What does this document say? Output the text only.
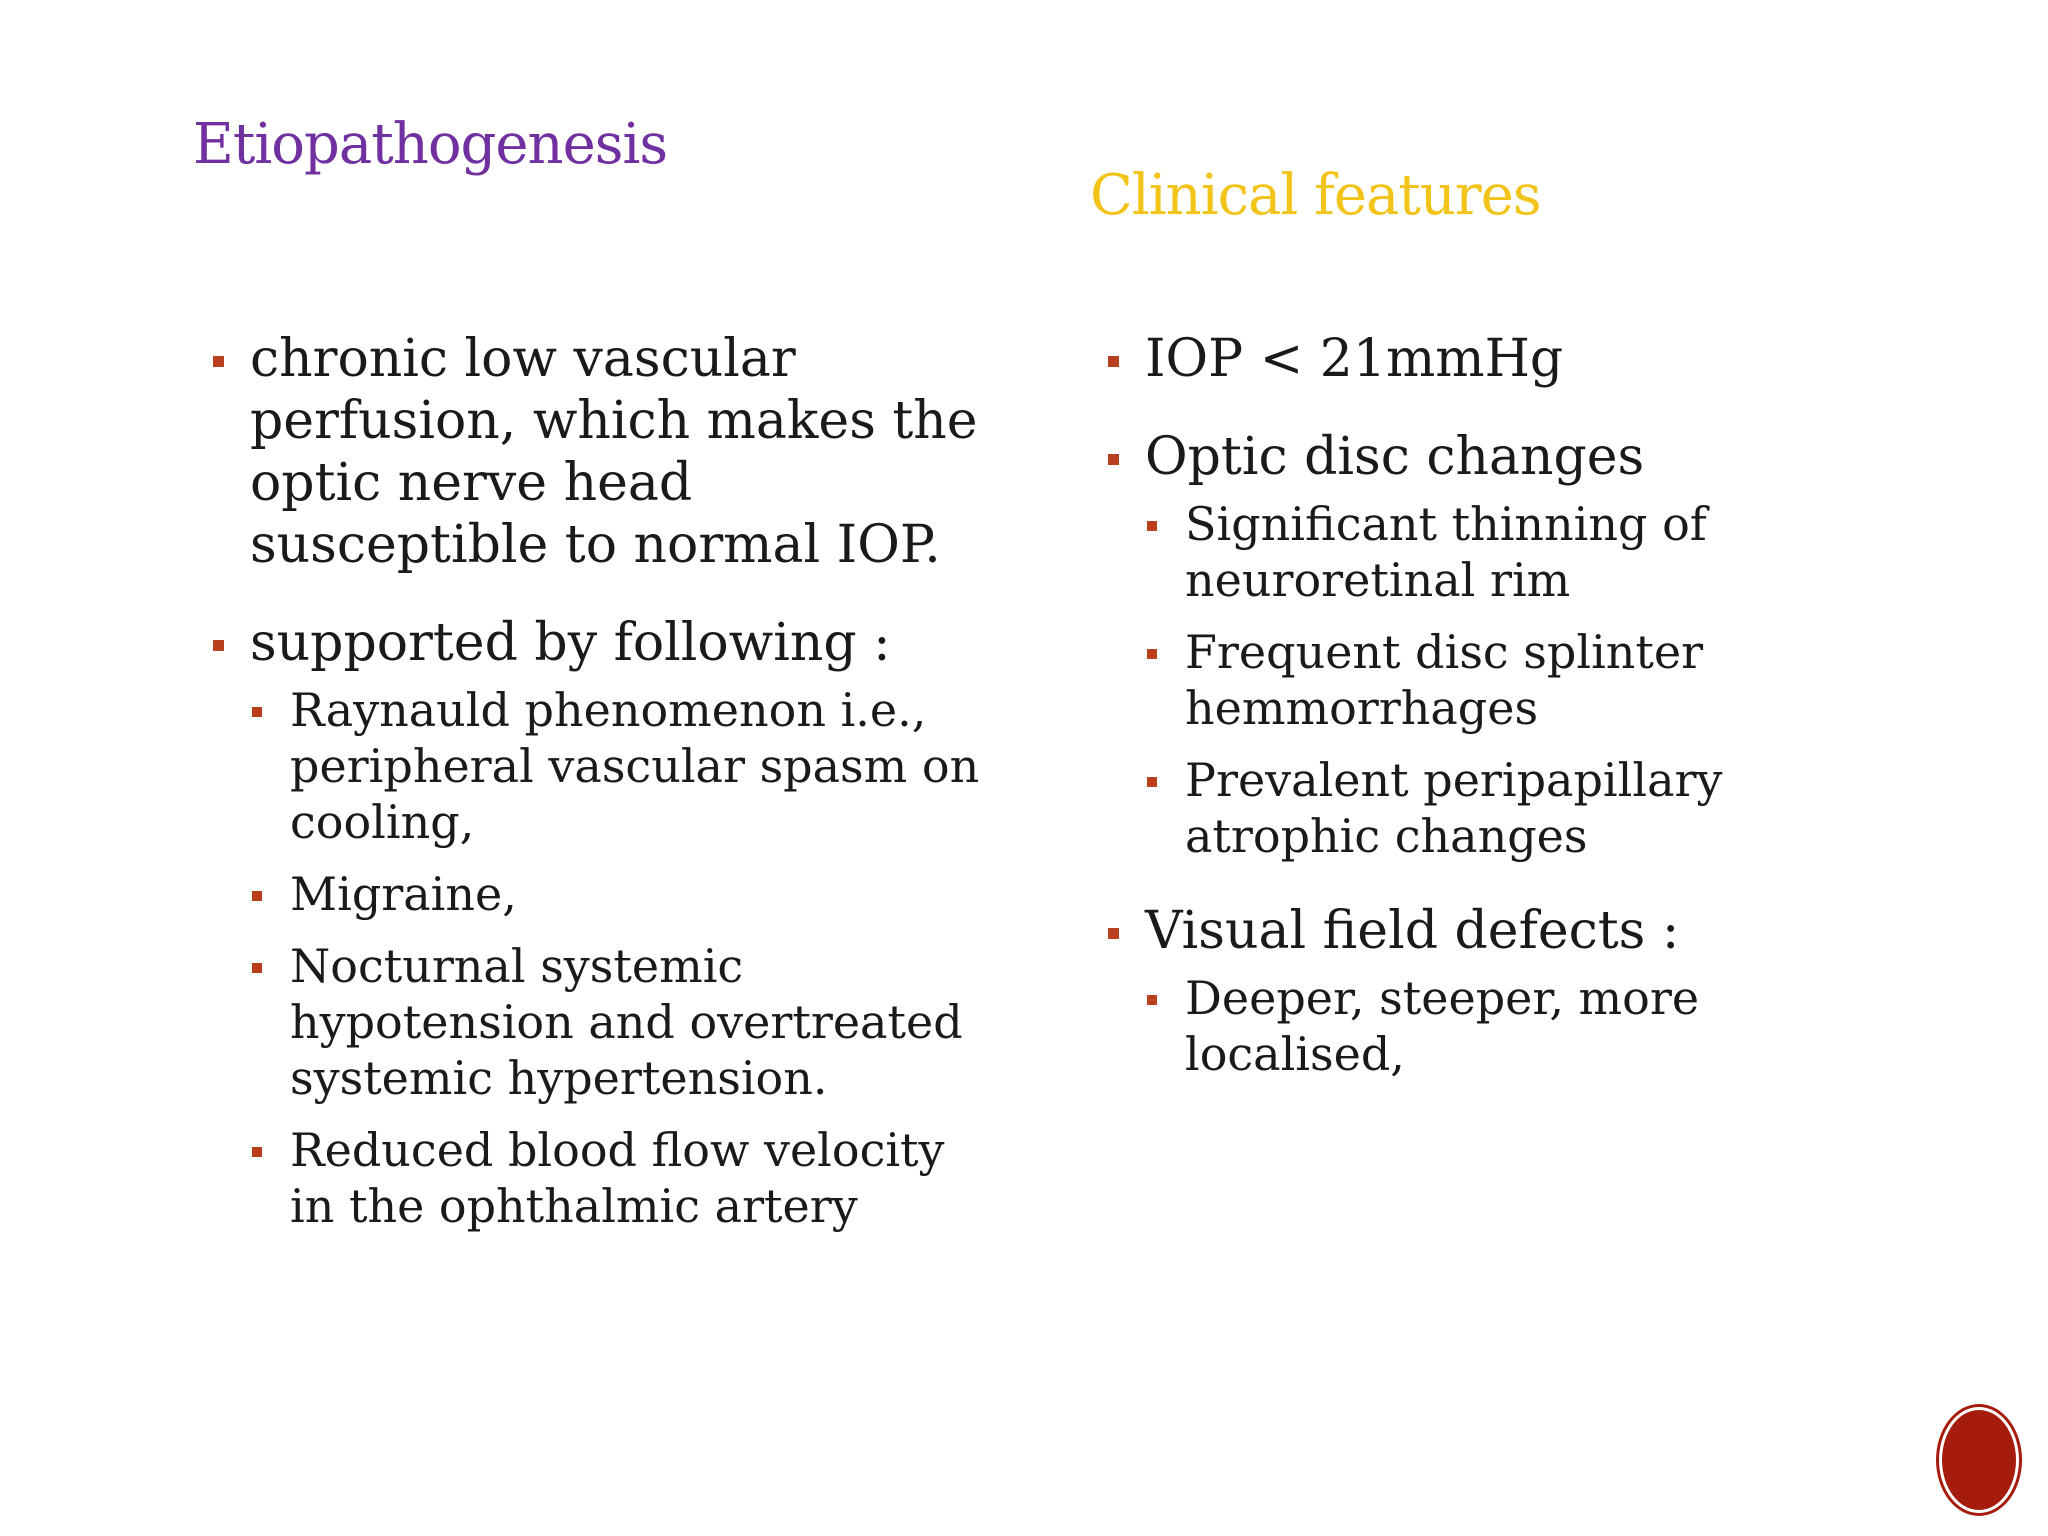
Etiopathogenesis
Clinical features
chronic low vascular perfusion, which makes the optic nerve head susceptible to normal IOP.
supported by following :
Raynauld phenomenon i.e., peripheral vascular spasm on cooling,
Migraine,
Nocturnal systemic hypotension and overtreated systemic hypertension.
Reduced blood flow velocity in the ophthalmic artery
IOP < 21mmHg
Optic disc changes
Significant thinning of neuroretinal rim
Frequent disc splinter hemmorrhages
Prevalent peripapillary atrophic changes
Visual field defects :
Deeper, steeper, more localised,
